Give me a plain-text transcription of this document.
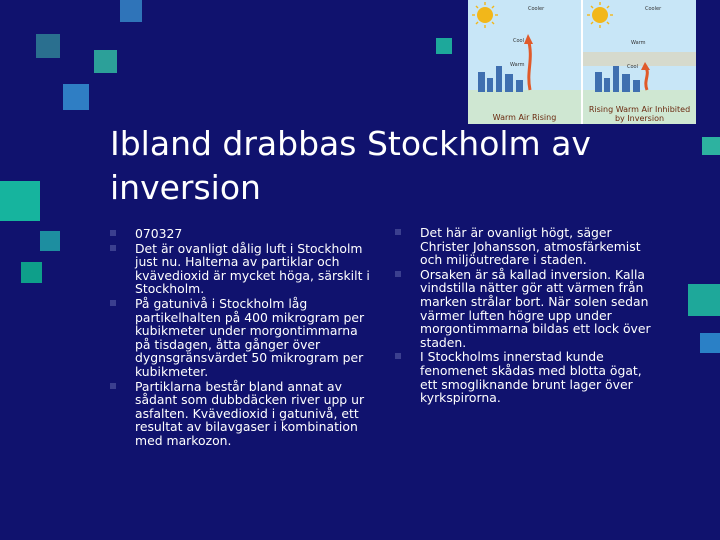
Cooler
Cool
Warm
Warm Air Rising
Cooler
Warm
Cool
Rising Warm Air Inhibited
by Inversion
Ibland drabbas Stockholm av inversion
070327
Det är ovanligt dålig luft i Stockholm just nu. Halterna av partiklar och kvävedioxid är mycket höga, särskilt i Stockholm.
På gatunivå i Stockholm låg partikelhalten på 400 mikrogram per kubikmeter under morgontimmarna på tisdagen, åtta gånger över dygnsgränsvärdet 50 mikrogram per kubikmeter.
Partiklarna består bland annat av sådant som dubbdäcken river upp ur asfalten. Kvävedioxid i gatunivå, ett resultat av bilavgaser i kombination med markozon.
Det här är ovanligt högt, säger Christer Johansson, atmosfärkemist och miljöutredare i staden.
Orsaken är så kallad inversion. Kalla vindstilla nätter gör att värmen från marken strålar bort. När solen sedan värmer luften högre upp under morgontimmarna bildas ett lock över staden.
I Stockholms innerstad kunde fenomenet skådas med blotta ögat, ett smogliknande brunt lager över kyrkspirorna.
